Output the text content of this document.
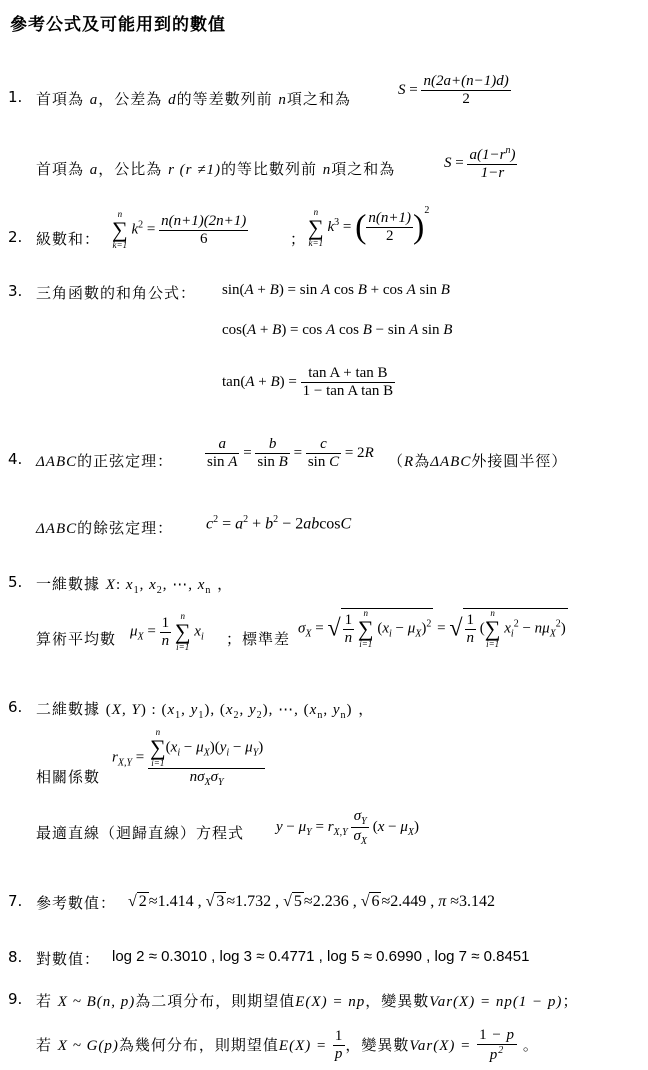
參考公式及可能用到的數值
1. 首項為 a，公差為 d的等差數列前 n項之和為
$S = \frac{n(2a+(n-1)d)}{2}$
首項為 a，公比為 r (r ≠1)的等比數列前 n項之和為	$S = \frac{a(1-r^n)}{1-r}$
2. 級數和：
n
∑
k=1
$k^2 = \frac{n(n+1)(2n+1)}{6}$	；
n
∑
k=1
$k^3$ = ( $\frac{n(n+1)}{2} )^2$
3. 三角函數的和角公式： sin(A + B) = sin A cos B + cos A sin B
cos(A + B) = cos A cos B − sin A sin B
$\tan(A + B) = \frac{\text{tan A + tan B}}{\text{1 − tan A tan B}}$
4. ΔABC的正弦定理： $\frac{a}{\text{sin A}} = \frac{b}{\text{sin B}} = \frac{c}{\text{sin C}} = 2R$ （R為ΔABC外接圓半徑）
ΔABC的餘弦定理： $c^2 = a^2 + b^2 - 2abcosC$
5. 一維數據 X: $x_1$, $x_2$, ⋯, $x_n$ ，
算術平均數 $\mu_X = \frac{1}{n}$
	n
∑
i=1
$x_i$ ；標準差
$\sigma_X$ = √ $\frac{1}{n}$
	n
∑
i=1
$(x_i - \mu_X)^2$ = √ $\frac{1}{n}$ (
n
∑
i=1
$x_i^2 - n\mu_X^2$)
6. 二維數據 (X, Y) : ($x_1$, $y_1$), ($x_2$, $y_2$), ⋯, ($x_n$, $y_n$) ，
相關係數
$r_{X,Y} = n$
∑
i=1
$(x_i - \mu_X)(y_i - \mu_Y)$
$n\sigma_X\sigma_Y$
最適直線（迴歸直線）方程式 $y - \mu_Y = r_{X,Y} \frac{\sigma_Y}{\sigma_X} (x - \mu_X)$
7. 參考數值： √ 2 ≈1.414 , √ 3 ≈1.732 , √ 5 ≈2.236 , √ 6 ≈2.449 , π ≈3.142
8. 對數值： log 2 ≈ 0.3010 , log 3 ≈ 0.4771 , log 5 ≈ 0.6990 , log 7 ≈ 0.8451
9. 若 X ~ B(n, p)為二項分布，則期望值E(X) = np，變異數Var(X) = np(1 − p)；
若 X ~ G(p)為幾何分布，則期望值$E(X) = \frac{1}{p}$ ，變異數$Var(X) = \frac{1 - p}{p^2}$ 。
